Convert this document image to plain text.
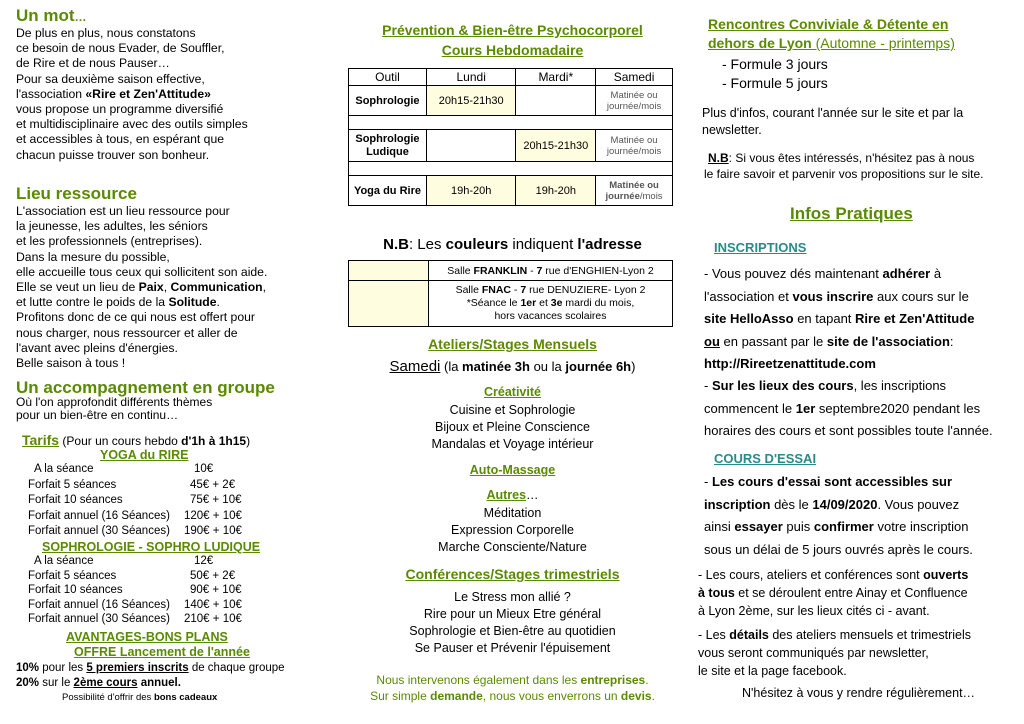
Un mot…
De plus en plus, nous constatons
ce besoin de nous Evader, de Souffler,
de Rire et de nous Pauser…
Pour sa deuxième saison effective,
l'association «Rire et Zen'Attitude»
vous propose un programme diversifié
et multidisciplinaire avec des outils simples
et accessibles à tous, en espérant que
chacun puisse trouver son bonheur.
Lieu ressource
L'association est un lieu ressource pour
la jeunesse, les adultes, les séniors
et les professionnels (entreprises).
Dans la mesure du possible,
elle accueille tous ceux qui sollicitent son aide.
Elle se veut un lieu de Paix, Communication,
et lutte contre le poids de la Solitude.
Profitons donc de ce qui nous est offert pour
nous charger, nous ressourcer et aller de
l'avant avec pleins d'énergies.
Belle saison à tous !
Un accompagnement en groupe
Où l'on approfondit différents thèmes
pour un bien-être en continu…
Tarifs (Pour un cours hebdo d'1h à 1h15)
YOGA du RIRE
A la séance	10€
Forfait 5 séances	45€ + 2€
Forfait 10 séances	75€ + 10€
Forfait annuel (16 Séances) 120€ + 10€
Forfait annuel (30 Séances) 190€ + 10€
SOPHROLOGIE - SOPHRO LUDIQUE
A la séance	12€
Forfait 5 séances	50€ + 2€
Forfait 10 séances	90€ + 10€
Forfait annuel (16 Séances) 140€ + 10€
Forfait annuel (30 Séances) 210€ + 10€
AVANTAGES-BONS PLANS
OFFRE Lancement de l'année
10% pour les 5 premiers inscrits de chaque groupe
20% sur le 2ème cours annuel.
Possibilité d'offrir des bons cadeaux
Prévention & Bien-être Psychocorporel
Cours Hebdomadaire
Outil	Lundi	Mardi*	Samedi
Sophrologie	20h15-21h30		Matinée ou journée/mois

Sophrologie Ludique		20h15-21h30	Matinée ou journée/mois

Yoga du Rire	19h-20h	19h-20h	Matinée ou
journée/mois
N.B: Les couleurs indiquent l'adresse
	Salle FRANKLIN - 7 rue d'ENGHIEN-Lyon 2

	Salle FNAC - 7 rue DENUZIERE- Lyon 2
*Séance le 1er et 3e mardi du mois,
hors vacances scolaires
Ateliers/Stages Mensuels
Samedi (la matinée 3h ou la journée 6h)
Créativité
Cuisine et Sophrologie
Bijoux et Pleine Conscience
Mandalas et Voyage intérieur
Auto-Massage
Autres…
Méditation
Expression Corporelle
Marche Consciente/Nature
Conférences/Stages trimestriels
Le Stress mon allié ?
Rire pour un Mieux Etre général
Sophrologie et Bien-être au quotidien
Se Pauser et Prévenir l'épuisement
Nous intervenons également dans les entreprises.
Sur simple demande, nous vous enverrons un devis.
Rencontres Conviviale & Détente en
dehors de Lyon (Automne - printemps)
- Formule 3 jours
- Formule 5 jours
Plus d'infos, courant l'année sur le site et par la
newsletter.
N.B: Si vous êtes intéressés, n'hésitez pas à nous
le faire savoir et parvenir vos propositions sur le site.
Infos Pratiques
INSCRIPTIONS
- Vous pouvez dés maintenant adhérer à
l'association et vous inscrire aux cours sur le
site HelloAsso en tapant Rire et Zen'Attitude
ou en passant par le site de l'association:
http://Rireetzenattitude.com
- Sur les lieux des cours, les inscriptions
commencent le 1er septembre2020 pendant les
horaires des cours et sont possibles toute l'année.
COURS D'ESSAI
- Les cours d'essai sont accessibles sur
inscription dès le 14/09/2020. Vous pouvez
ainsi essayer puis confirmer votre inscription
sous un délai de 5 jours ouvrés après le cours.
- Les cours, ateliers et conférences sont ouverts
à tous et se déroulent entre Ainay et Confluence
à Lyon 2ème, sur les lieux cités ci - avant.
- Les détails des ateliers mensuels et trimestriels
vous seront communiqués par newsletter,
le site et la page facebook.
N'hésitez à vous y rendre régulièrement…
